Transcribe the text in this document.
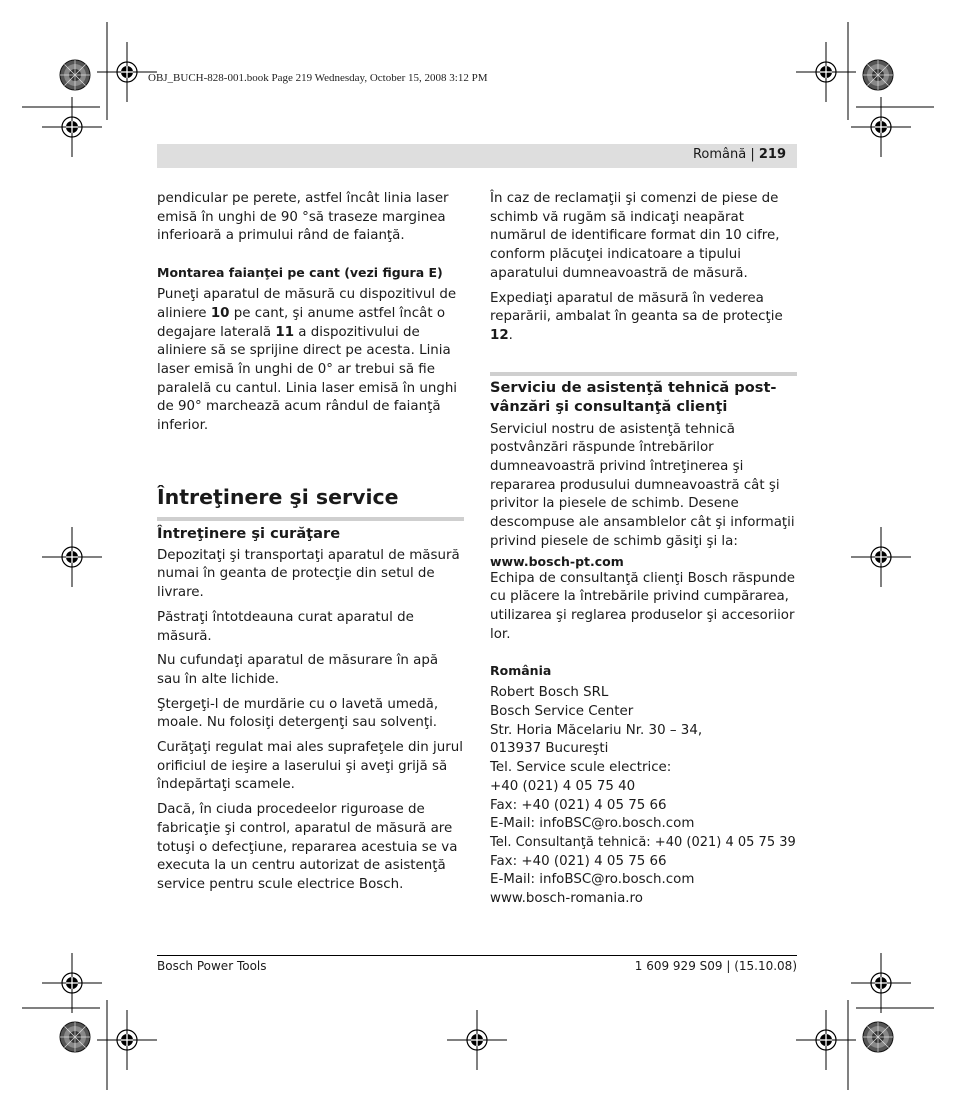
OBJ_BUCH-828-001.book Page 219 Wednesday, October 15, 2008 3:12 PM
Română | 219

pendicular pe perete, astfel încât linia laser emisă în unghi de 90 °să traseze marginea inferioară a primului rând de faianţă.

Montarea faianţei pe cant (vezi figura E)

Puneţi aparatul de măsură cu dispozitivul de aliniere 10 pe cant, şi anume astfel încât o degajare laterală 11 a dispozitivului de aliniere să se sprijine direct pe acesta. Linia laser emisă în unghi de 0° ar trebui să fie paralelă cu cantul. Linia laser emisă în unghi de 90° marchează acum rândul de faianţă inferior.

Întreţinere şi service
Întreţinere şi curăţare

Depozitaţi şi transportaţi aparatul de măsură numai în geanta de protecţie din setul de livrare.

Păstraţi întotdeauna curat aparatul de măsură.

Nu cufundaţi aparatul de măsurare în apă sau în alte lichide.

Ştergeţi-l de murdărie cu o lavetă umedă, moale. Nu folosiţi detergenţi sau solvenţi.

Curăţaţi regulat mai ales suprafeţele din jurul orificiul de ieşire a laserului şi aveţi grijă să îndepărtaţi scamele.

Dacă, în ciuda procedeelor riguroase de fabricaţie şi control, aparatul de măsură are totuşi o defecţiune, repararea acestuia se va executa la un centru autorizat de asistenţă service pentru scule electrice Bosch.

În caz de reclamaţii şi comenzi de piese de schimb vă rugăm să indicaţi neapărat numărul de identificare format din 10 cifre, conform plăcuţei indicatoare a tipului aparatului dumneavoastră de măsură.

Expediaţi aparatul de măsură în vederea reparării, ambalat în geanta sa de protecţie 12.

Serviciu de asistenţă tehnică post-
vânzări şi consultanţă clienţi

Serviciul nostru de asistenţă tehnică postvânzări răspunde întrebărilor dumneavoastră privind întreţinerea şi repararea produsului dumneavoastră cât şi privitor la piesele de schimb. Desene descompuse ale ansamblelor cât şi informaţii privind piesele de schimb găsiţi şi la:

www.bosch-pt.com

Echipa de consultanţă clienţi Bosch răspunde cu plăcere la întrebările privind cumpărarea, utilizarea şi reglarea produselor şi accesoriior lor.

România
Robert Bosch SRL
Bosch Service Center
Str. Horia Măcelariu Nr. 30 – 34,
013937 Bucureşti
Tel. Service scule electrice:
+40 (021) 4 05 75 40
Fax: +40 (021) 4 05 75 66
E-Mail: infoBSC@ro.bosch.com
Tel. Consultanţă tehnică: +40 (021) 4 05 75 39
Fax: +40 (021) 4 05 75 66
E-Mail: infoBSC@ro.bosch.com
www.bosch-romania.ro
Bosch Power Tools	1 609 929 S09 | (15.10.08)
